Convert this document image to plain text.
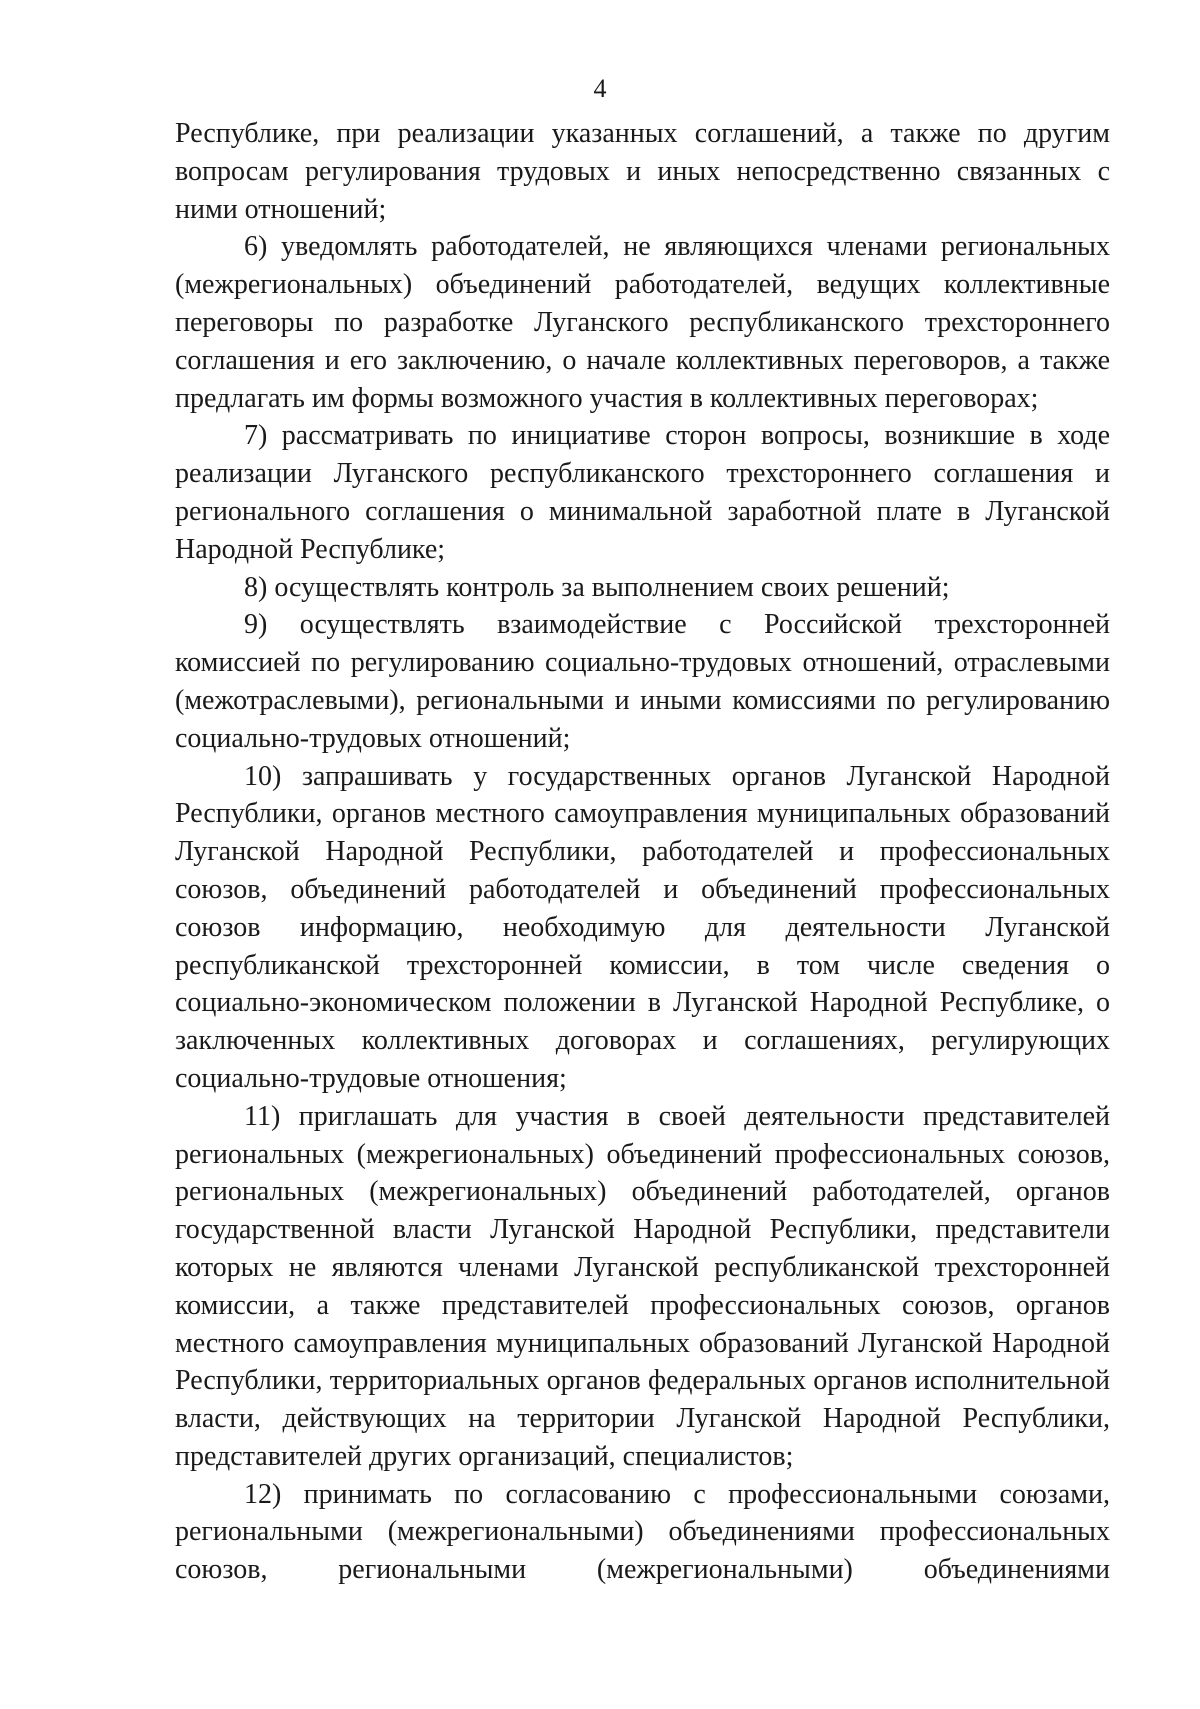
4

Республике, при реализации указанных соглашений, а также по другим вопросам регулирования трудовых и иных непосредственно связанных с ними отношений;

6) уведомлять работодателей, не являющихся членами региональных (межрегиональных) объединений работодателей, ведущих коллективные переговоры по разработке Луганского республиканского трехстороннего соглашения и его заключению, о начале коллективных переговоров, а также предлагать им формы возможного участия в коллективных переговорах;

7) рассматривать по инициативе сторон вопросы, возникшие в ходе реализации Луганского республиканского трехстороннего соглашения и регионального соглашения о минимальной заработной плате в Луганской Народной Республике;

8) осуществлять контроль за выполнением своих решений;

9) осуществлять взаимодействие с Российской трехсторонней комиссией по регулированию социально-трудовых отношений, отраслевыми (межотраслевыми), региональными и иными комиссиями по регулированию социально-трудовых отношений;

10) запрашивать у государственных органов Луганской Народной Республики, органов местного самоуправления муниципальных образований Луганской Народной Республики, работодателей и профессиональных союзов, объединений работодателей и объединений профессиональных союзов информацию, необходимую для деятельности Луганской республиканской трехсторонней комиссии, в том числе сведения о социально-экономическом положении в Луганской Народной Республике, о заключенных коллективных договорах и соглашениях, регулирующих социально-трудовые отношения;

11) приглашать для участия в своей деятельности представителей региональных (межрегиональных) объединений профессиональных союзов, региональных (межрегиональных) объединений работодателей, органов государственной власти Луганской Народной Республики, представители которых не являются членами Луганской республиканской трехсторонней комиссии, а также представителей профессиональных союзов, органов местного самоуправления муниципальных образований Луганской Народной Республики, территориальных органов федеральных органов исполнительной власти, действующих на территории Луганской Народной Республики, представителей других организаций, специалистов;

12) принимать по согласованию с профессиональными союзами, региональными (межрегиональными) объединениями профессиональных союзов, региональными (межрегиональными) объединениями
